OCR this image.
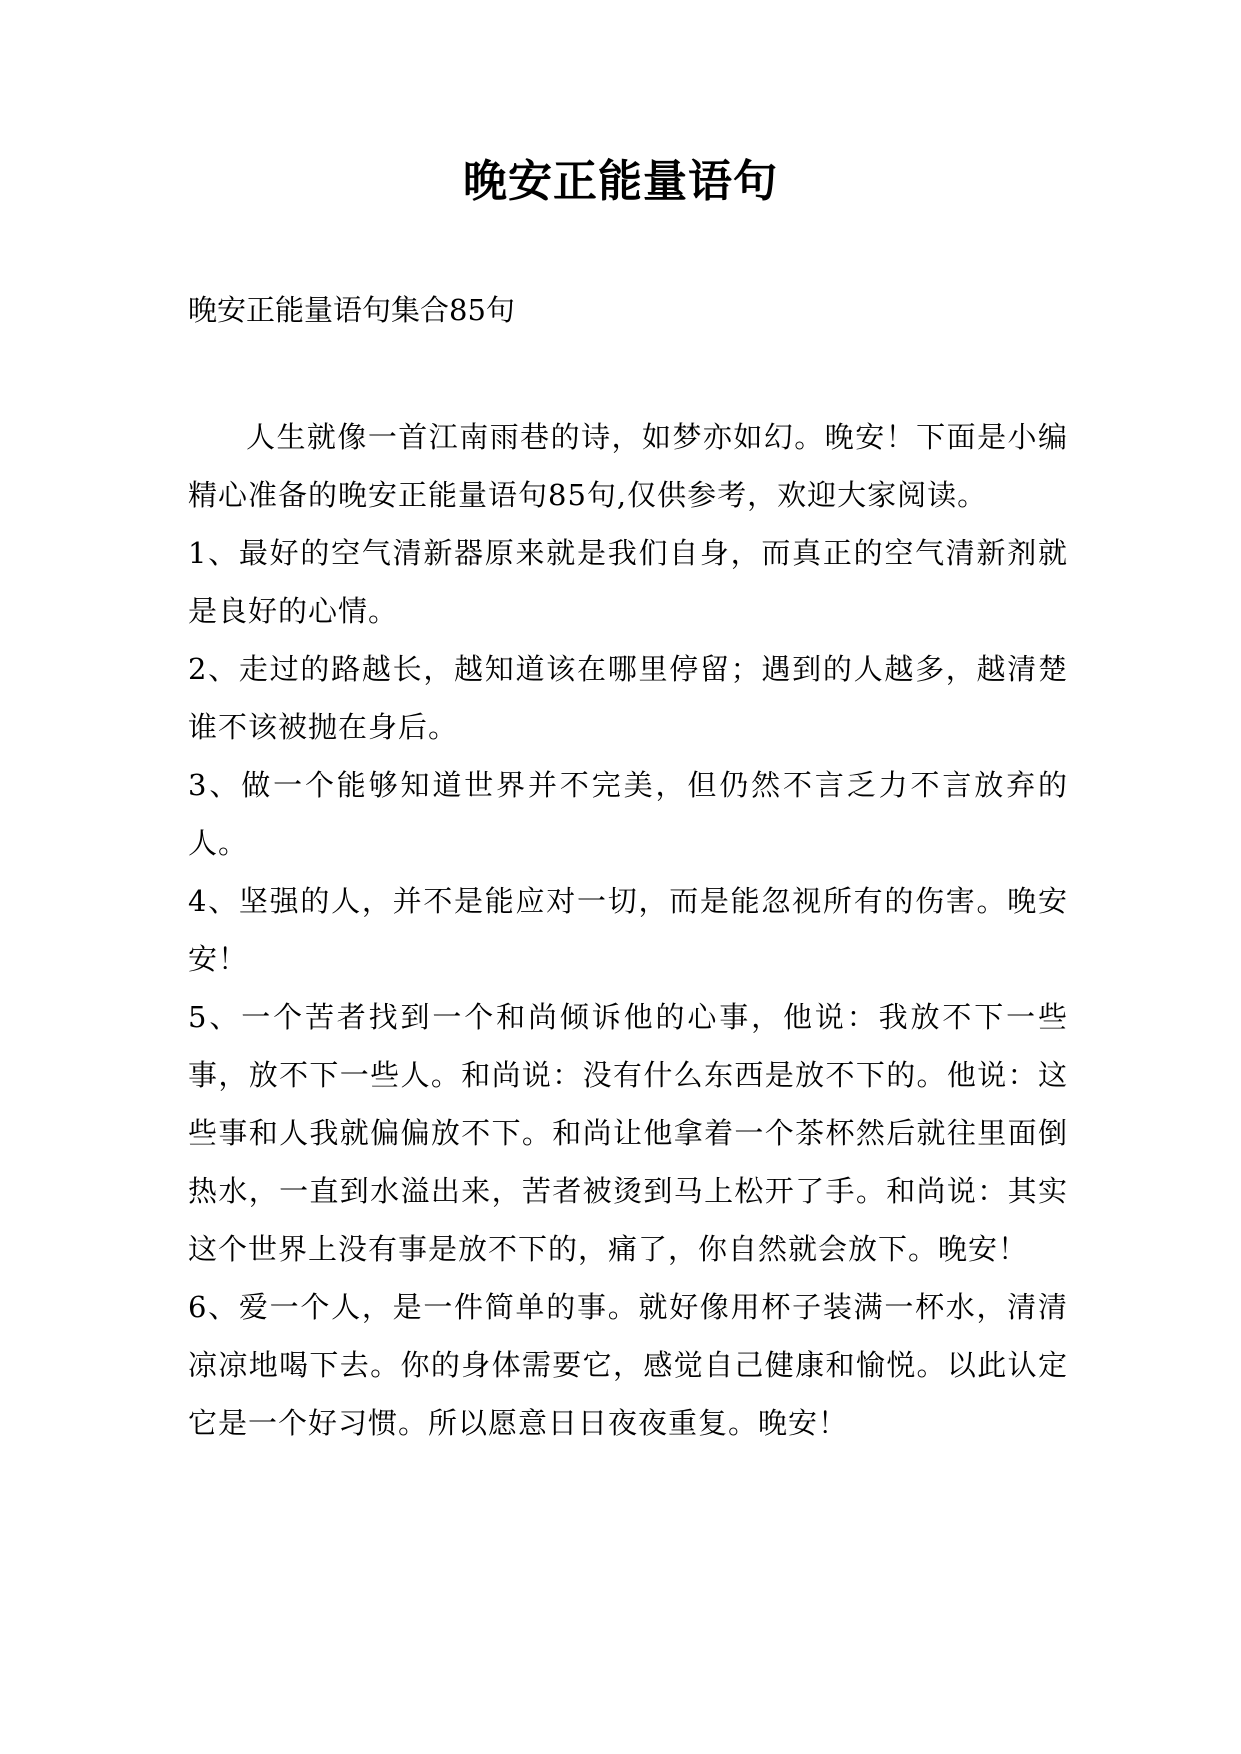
晚安正能量语句

晚安正能量语句集合85句

人生就像一首江南雨巷的诗，如梦亦如幻。晚安！下面是小编精心准备的晚安正能量语句85句,仅供参考，欢迎大家阅读。

1、最好的空气清新器原来就是我们自身，而真正的空气清新剂就是良好的心情。

2、走过的路越长，越知道该在哪里停留；遇到的人越多，越清楚谁不该被抛在身后。

3、做一个能够知道世界并不完美，但仍然不言乏力不言放弃的人。

4、坚强的人，并不是能应对一切，而是能忽视所有的伤害。晚安安！

5、一个苦者找到一个和尚倾诉他的心事，他说：我放不下一些事，放不下一些人。和尚说：没有什么东西是放不下的。他说：这些事和人我就偏偏放不下。和尚让他拿着一个茶杯然后就往里面倒热水，一直到水溢出来，苦者被烫到马上松开了手。和尚说：其实这个世界上没有事是放不下的，痛了，你自然就会放下。晚安！

6、爱一个人，是一件简单的事。就好像用杯子装满一杯水，清清凉凉地喝下去。你的身体需要它，感觉自己健康和愉悦。以此认定它是一个好习惯。所以愿意日日夜夜重复。晚安！
